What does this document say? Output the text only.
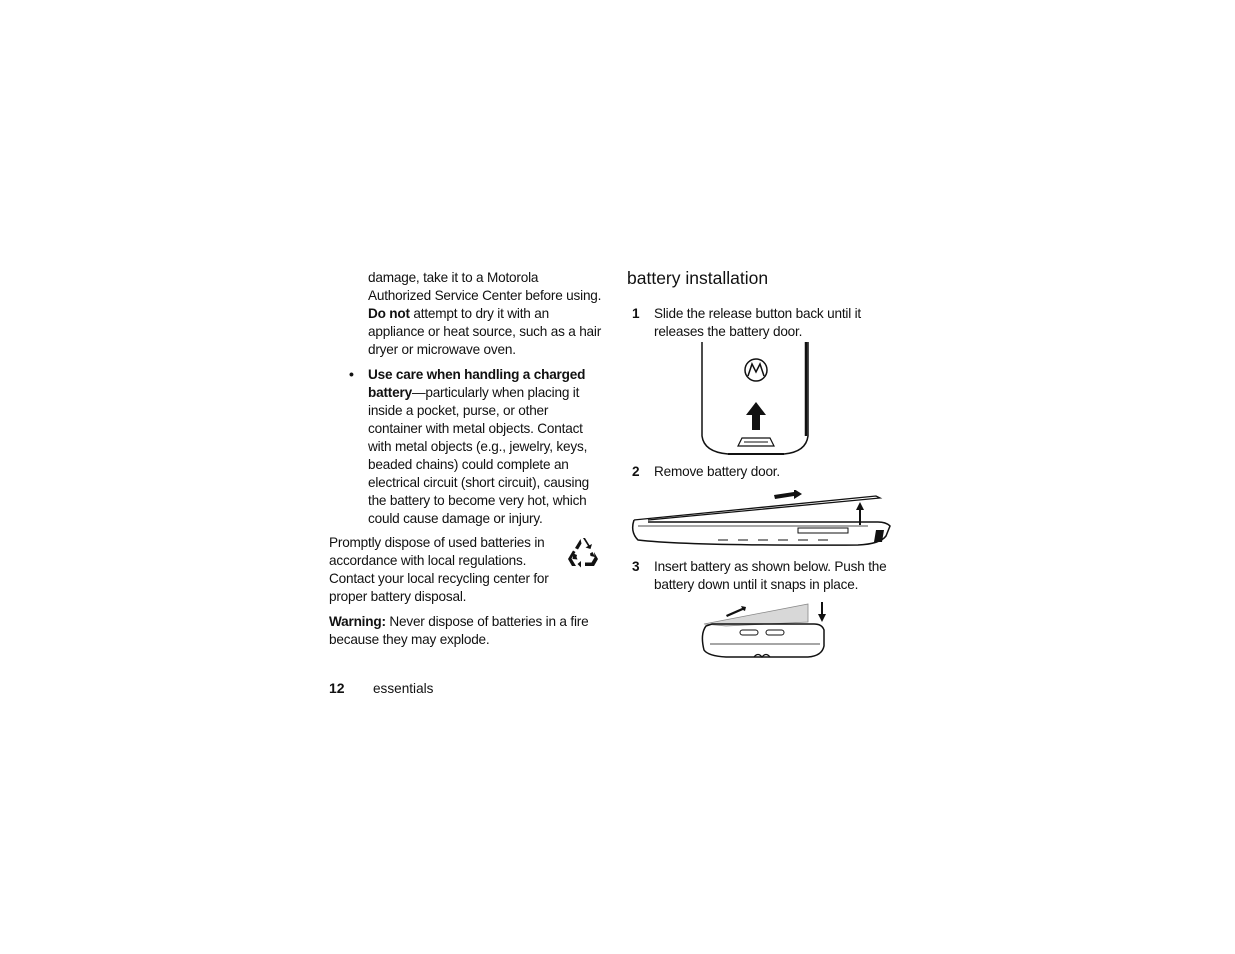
damage, take it to a Motorola Authorized Service Center before using. Do not attempt to dry it with an appliance or heat source, such as a hair dryer or microwave oven.
• Use care when handling a charged battery—particularly when placing it inside a pocket, purse, or other container with metal objects. Contact with metal objects (e.g., jewelry, keys, beaded chains) could complete an electrical circuit (short circuit), causing the battery to become very hot, which could cause damage or injury.
Promptly dispose of used batteries in accordance with local regulations. Contact your local recycling center for proper battery disposal.
Warning: Never dispose of batteries in a fire because they may explode.
battery installation
1 Slide the release button back until it releases the battery door.
2 Remove battery door.
3 Insert battery as shown below. Push the battery down until it snaps in place.
12 essentials
